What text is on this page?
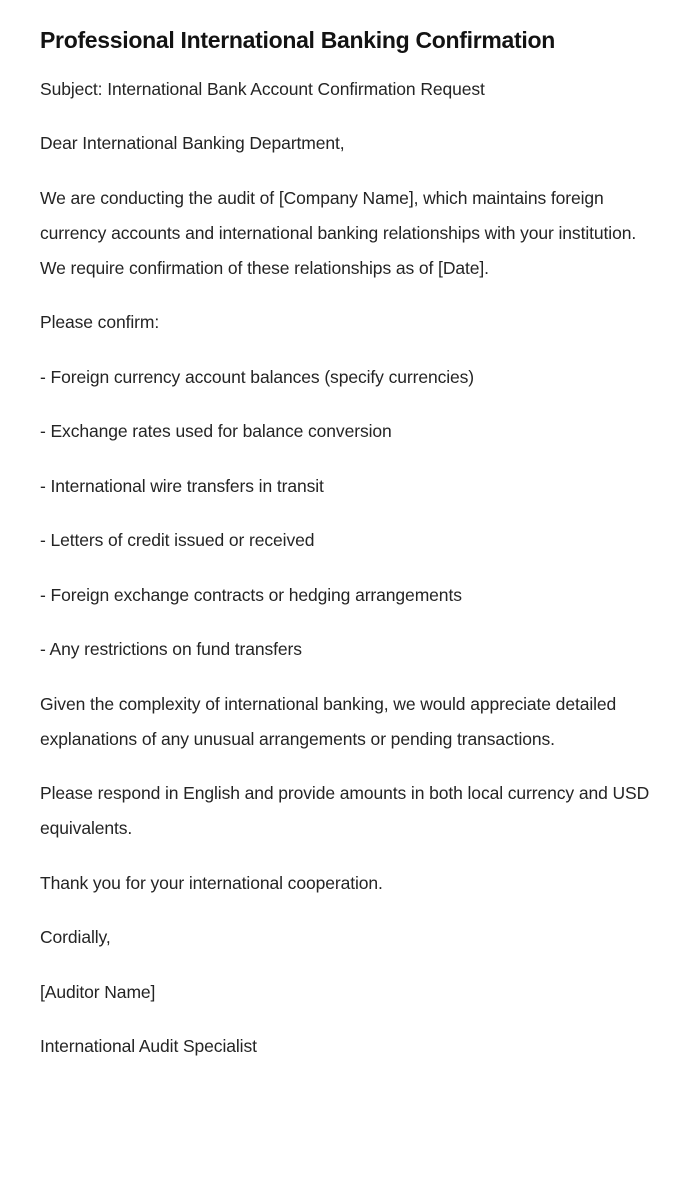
Professional International Banking Confirmation

Subject: International Bank Account Confirmation Request

Dear International Banking Department,

We are conducting the audit of [Company Name], which maintains foreign currency accounts and international banking relationships with your institution. We require confirmation of these relationships as of [Date].

Please confirm:

- Foreign currency account balances (specify currencies)

- Exchange rates used for balance conversion

- International wire transfers in transit

- Letters of credit issued or received

- Foreign exchange contracts or hedging arrangements

- Any restrictions on fund transfers

Given the complexity of international banking, we would appreciate detailed explanations of any unusual arrangements or pending transactions.

Please respond in English and provide amounts in both local currency and USD equivalents.

Thank you for your international cooperation.

Cordially,

[Auditor Name]

International Audit Specialist
